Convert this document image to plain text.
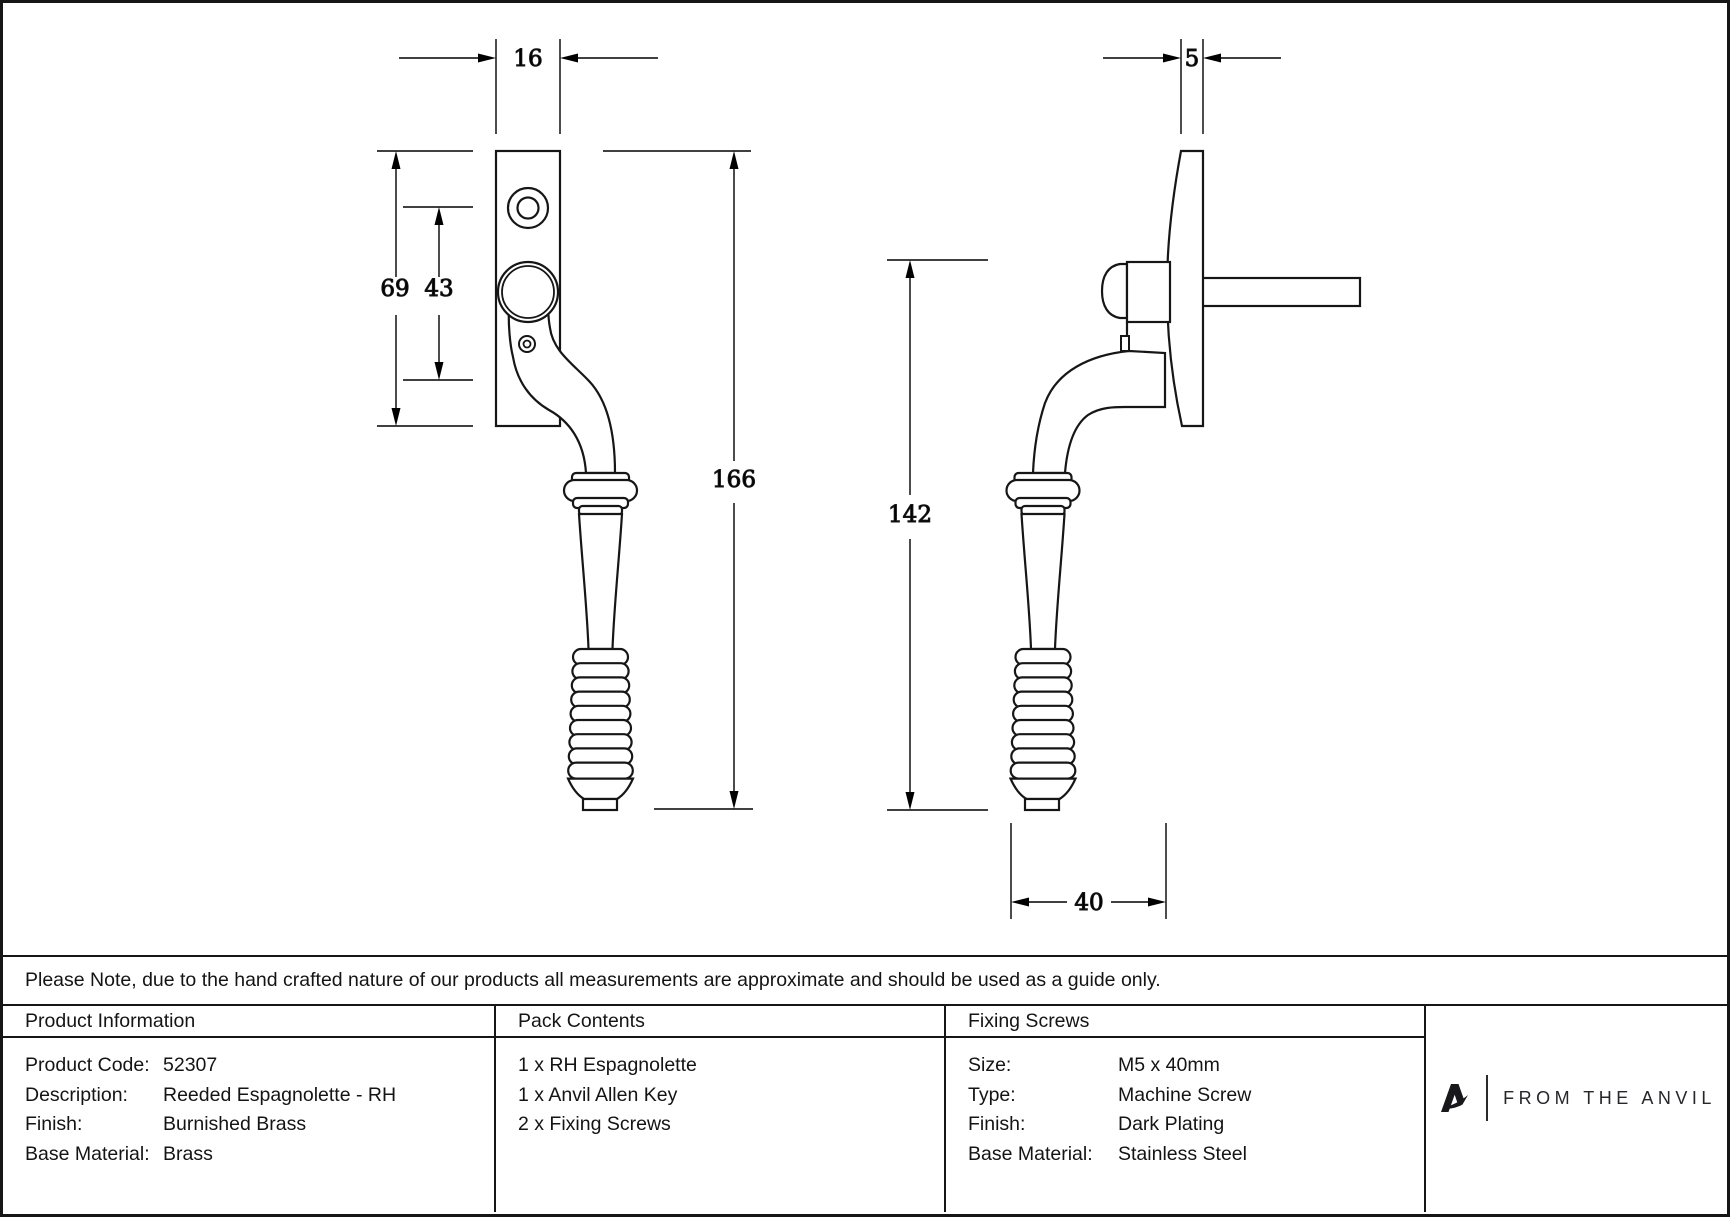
16
69 43
166
5
142
40
Please Note, due to the hand crafted nature of our products all measurements are approximate and should be used as a guide only.
Product Information
Product Code: 52307
Description:	Reeded Espagnolette - RH
Finish:	Burnished Brass
Base Material: Brass
Pack Contents
1 x RH Espagnolette
1 x Anvil Allen Key
2 x Fixing Screws
Fixing Screws
Size:	M5 x 40mm
Type:	Machine Screw
Finish:	Dark Plating
Base Material:	Stainless Steel
FROM THE ANVIL
